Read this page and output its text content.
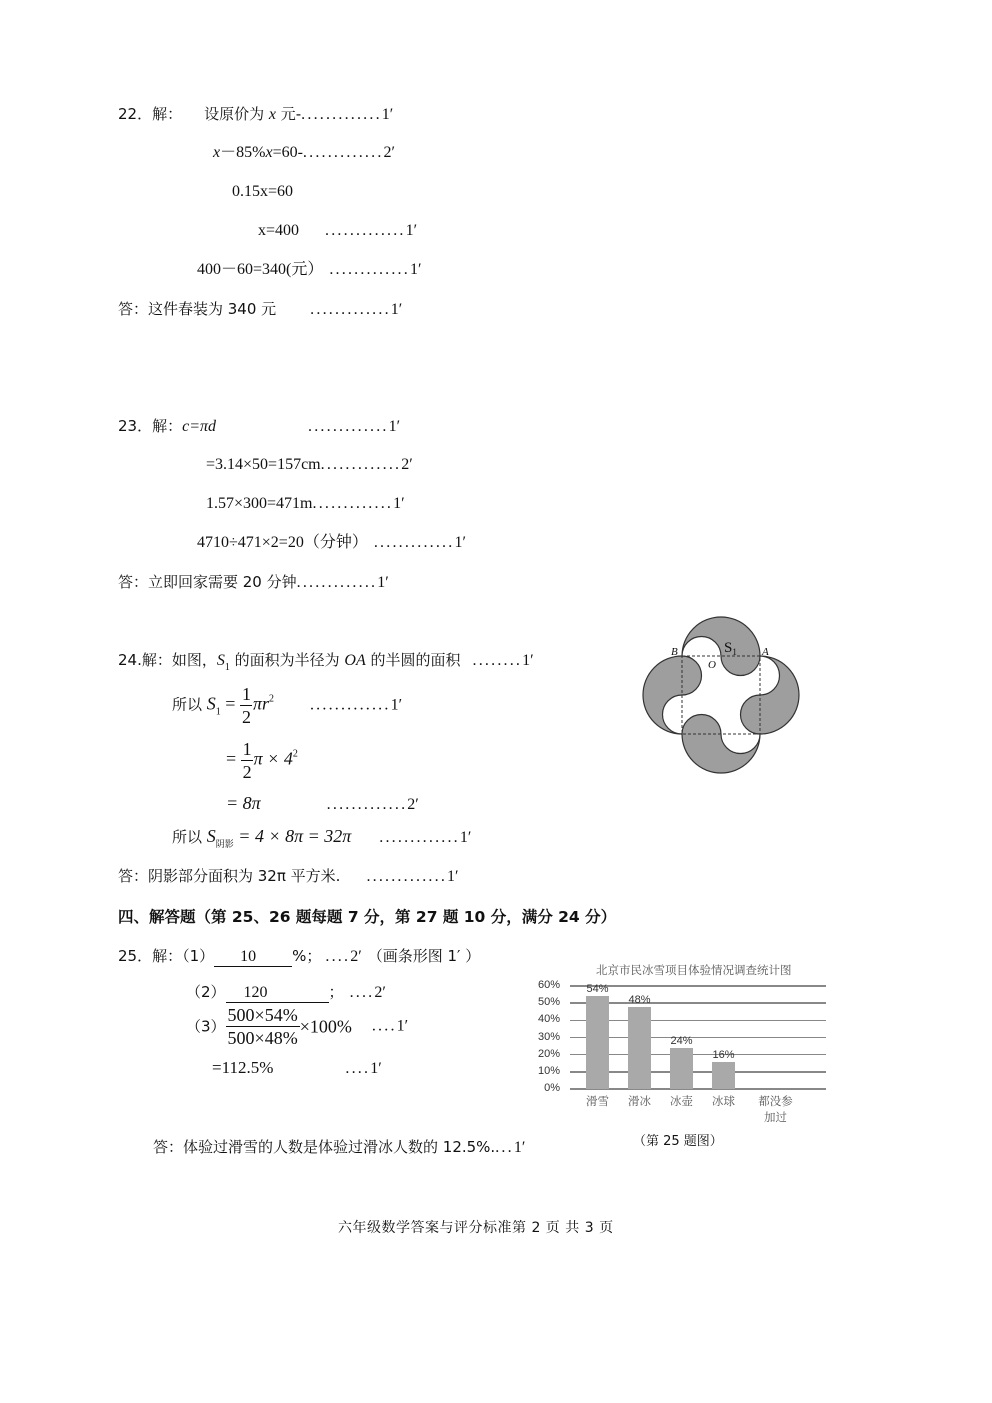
22．解： 设原价为 x 元-.............1′
x－85%x=60-.............2′
0.15x=60
x=400 .............1′
400－60=340(元） .............1′
答：这件春装为 340 元 .............1′
23．解：c=πd	.............1′
=3.14×50=157cm.............2′
1.57×300=471m.............1′
4710÷471×2=20（分钟） .............1′
答：立即回家需要 20 分钟.............1′
24.解：如图，$S_1$ 的面积为半径为 OA 的半圆的面积 ........1′
所以 $S_1 = \frac{1}{2} \pi r^2$ .............1′
= $\frac{1}{2}$ $\pi \times 4^2$
= 8π	.............2′
所以 $S_{阴影} = 4 \times 8\pi = 32\pi$ .............1′
答：阴影部分面积为 32π 平方米. .............1′
$S_1$
B	A
O
四、解答题（第 25、26 题每题 7 分，第 27 题 10 分，满分 24 分）
25．解：（1） 10 %； ....2′ （画条形图 1′ ）
（2） 120	； ....2′
$(3) \frac{500\times 54\%}{500\times 48\%} \times 100\%$ ....1′
=112.5%	....1′
答：体验过滑雪的人数是体验过滑冰人数的 12.5%....1′	（第 25 题图）
北京市民冰雪项目体验情况调查统计图
0%
10%
20%
30%
40%
50%
60%	54%
滑雪
48%
滑冰
24%
冰壶
16%
冰球	都没参
加过
六年级数学答案与评分标准第 2 页 共 3 页
